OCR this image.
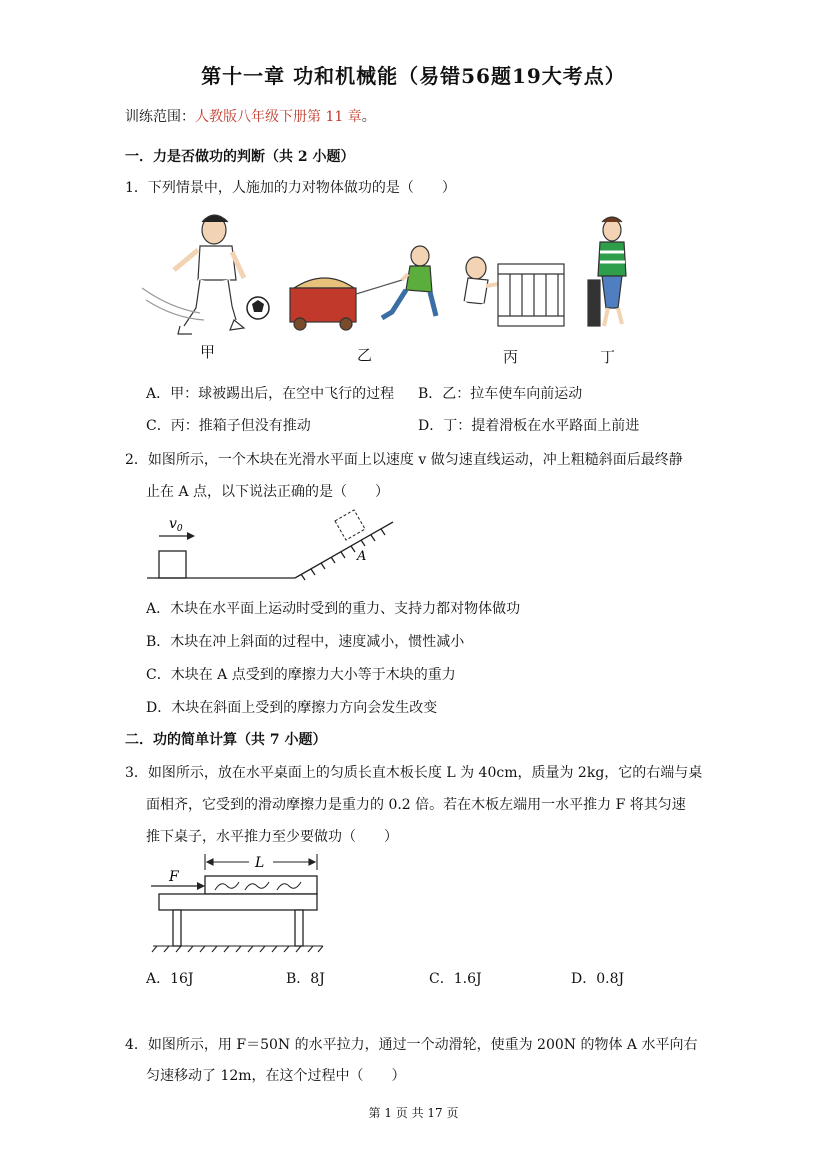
第十一章 功和机械能（易错56题19大考点）
训练范围：人教版八年级下册第 11 章。
一．力是否做功的判断（共 2 小题）
1．下列情景中，人施加的力对物体做功的是（　　）
甲	乙	丙	丁
A．甲：球被踢出后，在空中飞行的过程 B．乙：拉车使车向前运动
C．丙：推箱子但没有推动	D．丁：提着滑板在水平路面上前进
2．如图所示，一个木块在光滑水平面上以速度 v 做匀速直线运动，冲上粗糙斜面后最终静
止在 A 点，以下说法正确的是（　　）
$v_0$
A
A．木块在水平面上运动时受到的重力、支持力都对物体做功
B．木块在冲上斜面的过程中，速度减小，惯性减小
C．木块在 A 点受到的摩擦力大小等于木块的重力
D．木块在斜面上受到的摩擦力方向会发生改变
二．功的简单计算（共 7 小题）
3．如图所示，放在水平桌面上的匀质长直木板长度 L 为 40cm，质量为 2kg，它的右端与桌
面相齐，它受到的滑动摩擦力是重力的 0.2 倍。若在木板左端用一水平推力 F 将其匀速
推下桌子，水平推力至少要做功（　　）
L
F
A．16J	B．8J	C．1.6J	D．0.8J
4．如图所示，用 F＝50N 的水平拉力，通过一个动滑轮，使重为 200N 的物体 A 水平向右
匀速移动了 12m，在这个过程中（　　）
第 1 页 共 17 页
